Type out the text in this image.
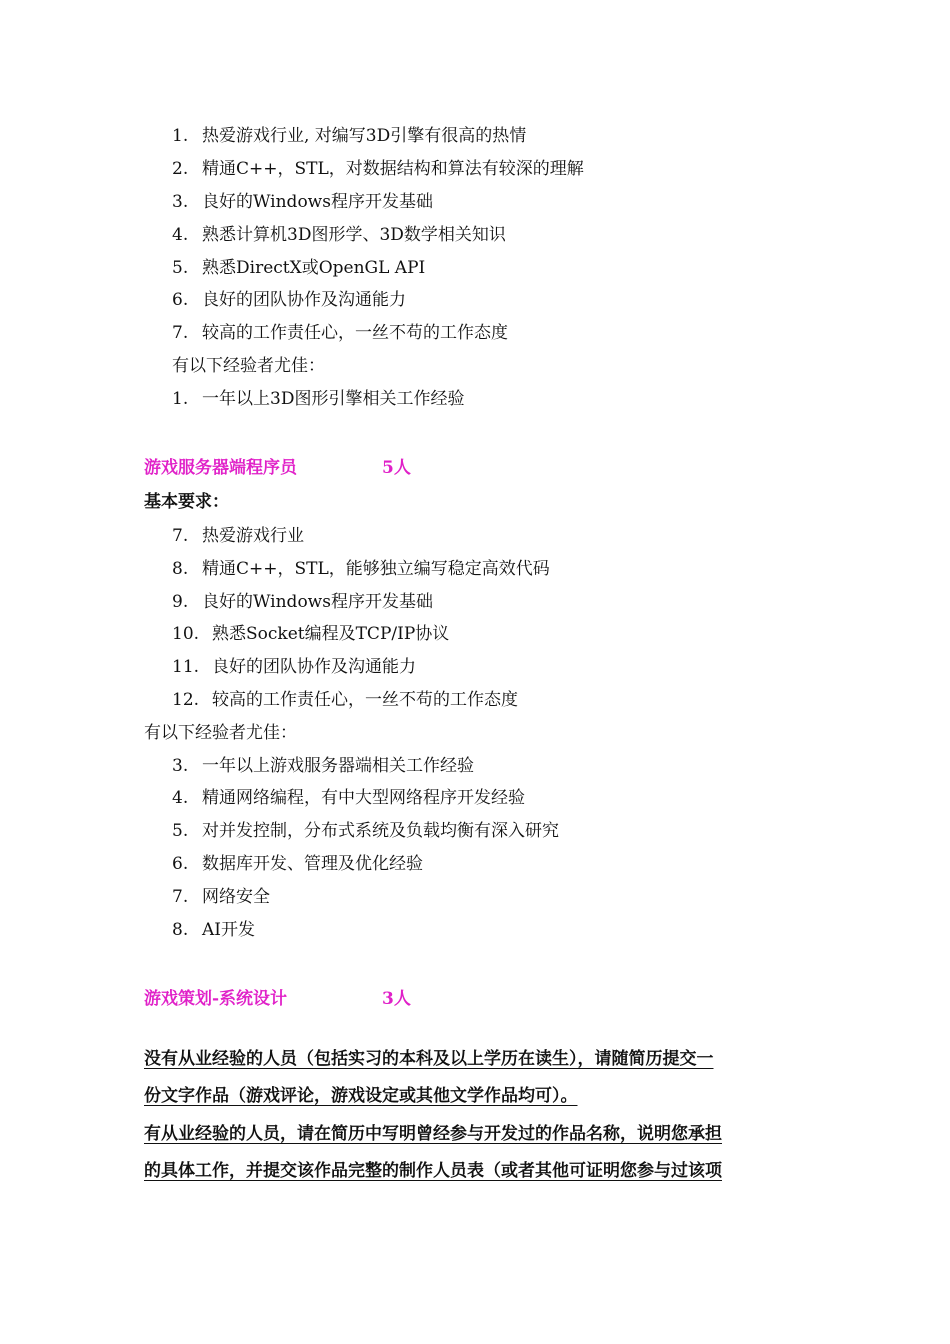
1. 热爱游戏行业, 对编写3D引擎有很高的热情
2. 精通C++，STL，对数据结构和算法有较深的理解
3. 良好的Windows程序开发基础
4. 熟悉计算机3D图形学、3D数学相关知识
5. 熟悉DirectX或OpenGL API
6. 良好的团队协作及沟通能力
7. 较高的工作责任心，一丝不苟的工作态度
有以下经验者尤佳：
1. 一年以上3D图形引擎相关工作经验
游戏服务器端程序员	5人
基本要求：
7. 热爱游戏行业
8. 精通C++，STL，能够独立编写稳定高效代码
9. 良好的Windows程序开发基础
10. 熟悉Socket编程及TCP/IP协议
11. 良好的团队协作及沟通能力
12. 较高的工作责任心，一丝不苟的工作态度
有以下经验者尤佳：
3. 一年以上游戏服务器端相关工作经验
4. 精通网络编程，有中大型网络程序开发经验
5. 对并发控制，分布式系统及负载均衡有深入研究
6. 数据库开发、管理及优化经验
7. 网络安全
8. AI开发
游戏策划-系统设计	3人
没有从业经验的人员（包括实习的本科及以上学历在读生），请随简历提交一
份文字作品（游戏评论，游戏设定或其他文学作品均可）。
有从业经验的人员，请在简历中写明曾经参与开发过的作品名称，说明您承担
的具体工作，并提交该作品完整的制作人员表（或者其他可证明您参与过该项
